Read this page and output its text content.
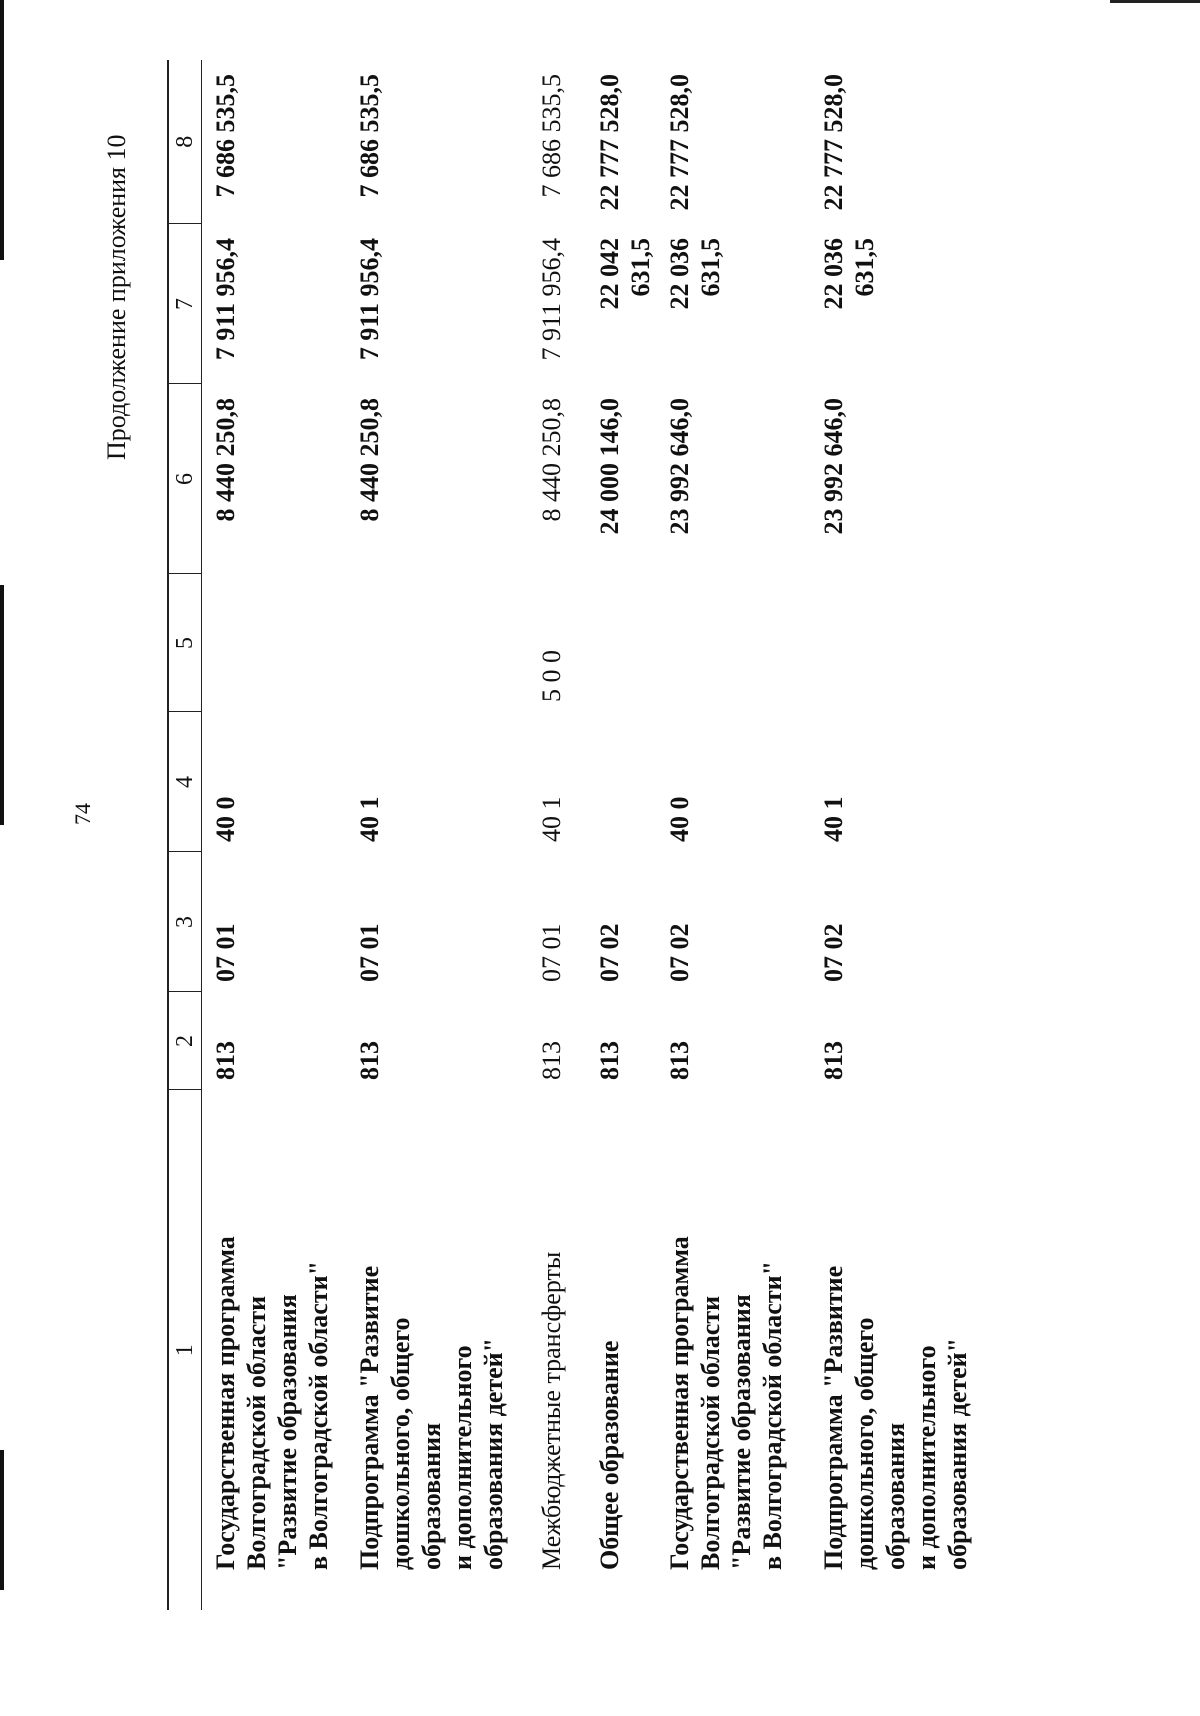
74
Продолжение приложения 10
1	2	3	4	5	6	7	8

Государственная программа Волгоградской области "Развитие образования в Волгоградской области"	813	07 01	40 0		8 440 250,8	7 911 956,4	7 686 535,5

Подпрограмма "Развитие дошкольного, общего образования и дополнительного образования детей"	813	07 01	40 1		8 440 250,8	7 911 956,4	7 686 535,5

Межбюджетные трансферты	813	07 01	40 1	5 0 0	8 440 250,8	7 911 956,4	7 686 535,5

Общее образование	813	07 02			24 000 146,0	22 042 631,5	22 777 528,0

Государственная программа Волгоградской области "Развитие образования в Волгоградской области"	813	07 02	40 0		23 992 646,0	22 036 631,5	22 777 528,0

Подпрограмма "Развитие дошкольного, общего образования и дополнительного образования детей"	813	07 02	40 1		23 992 646,0	22 036 631,5	22 777 528,0
